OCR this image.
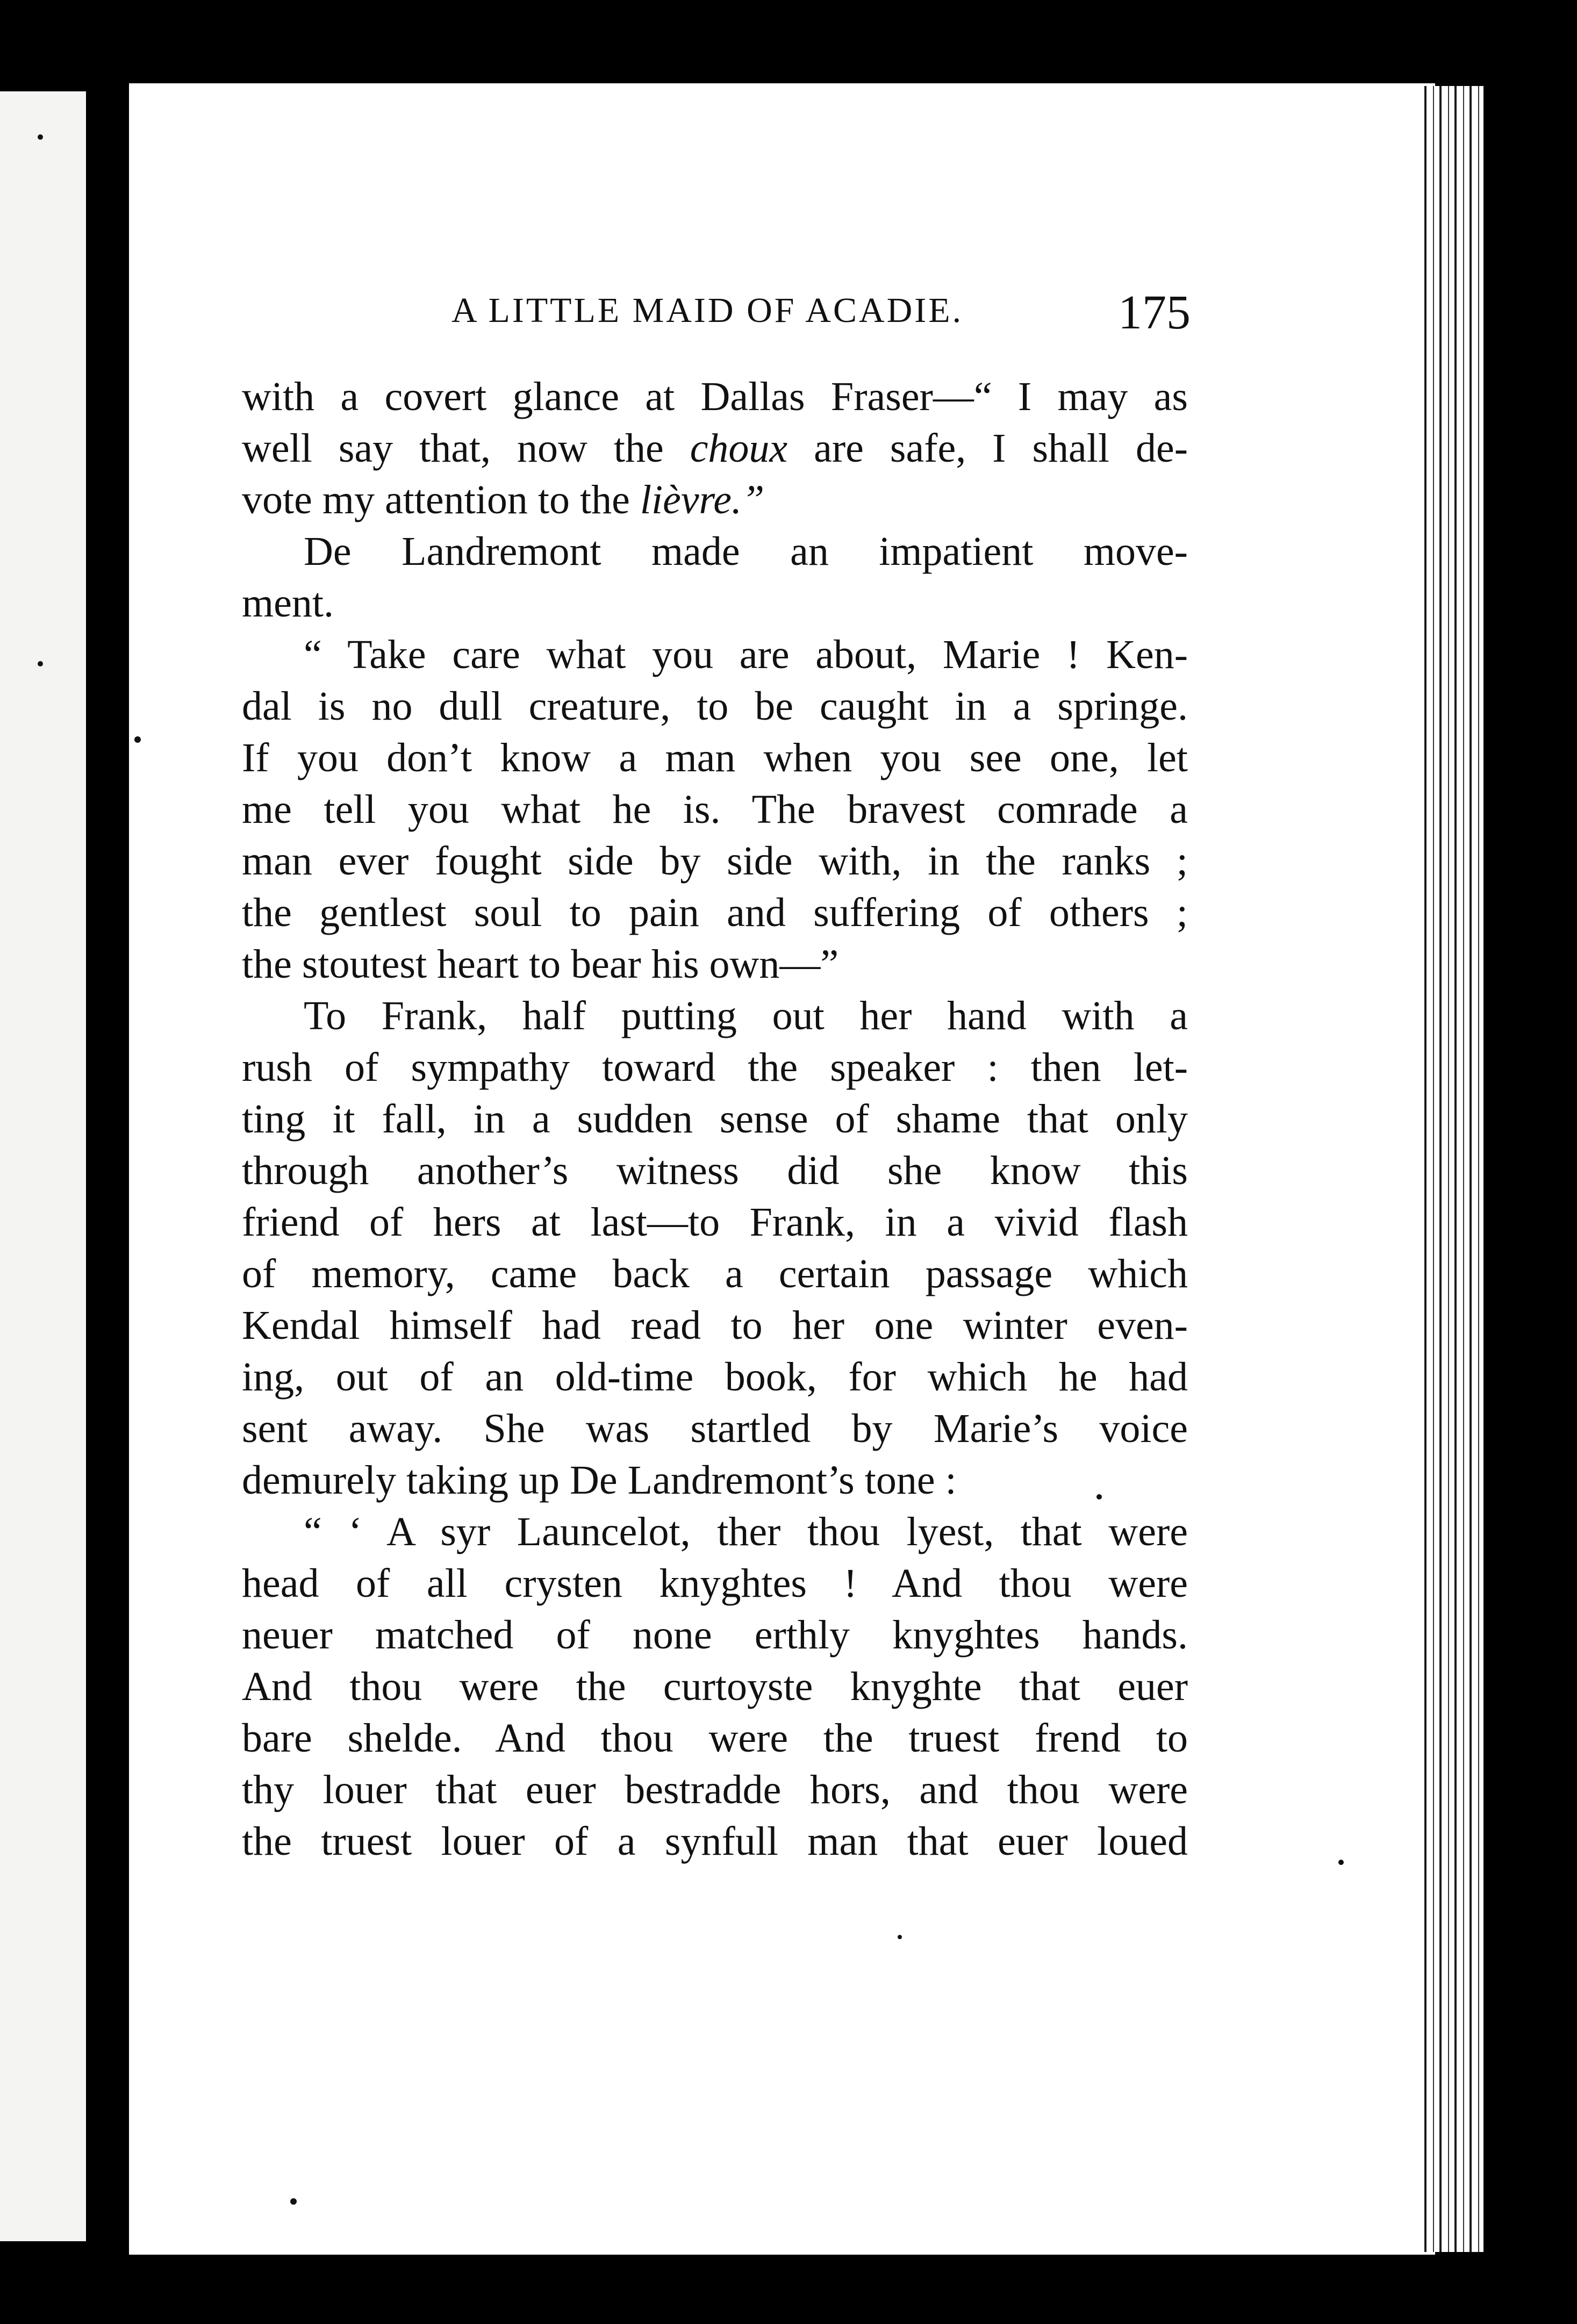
A LITTLE MAID OF ACADIE.	175
with a covert glance at Dallas Fraser—“ I may as
well say that, now the choux are safe, I shall de-
vote my attention to the lièvre.”
De Landremont made an impatient move-
ment.
“ Take care what you are about, Marie ! Ken-
dal is no dull creature, to be caught in a springe.
If you don’t know a man when you see one, let
me tell you what he is. The bravest comrade a
man ever fought side by side with, in the ranks ;
the gentlest soul to pain and suffering of others ;
the stoutest heart to bear his own—”
To Frank, half putting out her hand with a
rush of sympathy toward the speaker : then let-
ting it fall, in a sudden sense of shame that only
through another’s witness did she know this
friend of hers at last—to Frank, in a vivid flash
of memory, came back a certain passage which
Kendal himself had read to her one winter even-
ing, out of an old-time book, for which he had
sent away. She was startled by Marie’s voice
demurely taking up De Landremont’s tone :
“ ‘ A syr Launcelot, ther thou lyest, that were
head of all crysten knyghtes ! And thou were
neuer matched of none erthly knyghtes hands.
And thou were the curtoyste knyghte that euer
bare shelde. And thou were the truest frend to
thy louer that euer bestradde hors, and thou were
the truest louer of a synfull man that euer loued
